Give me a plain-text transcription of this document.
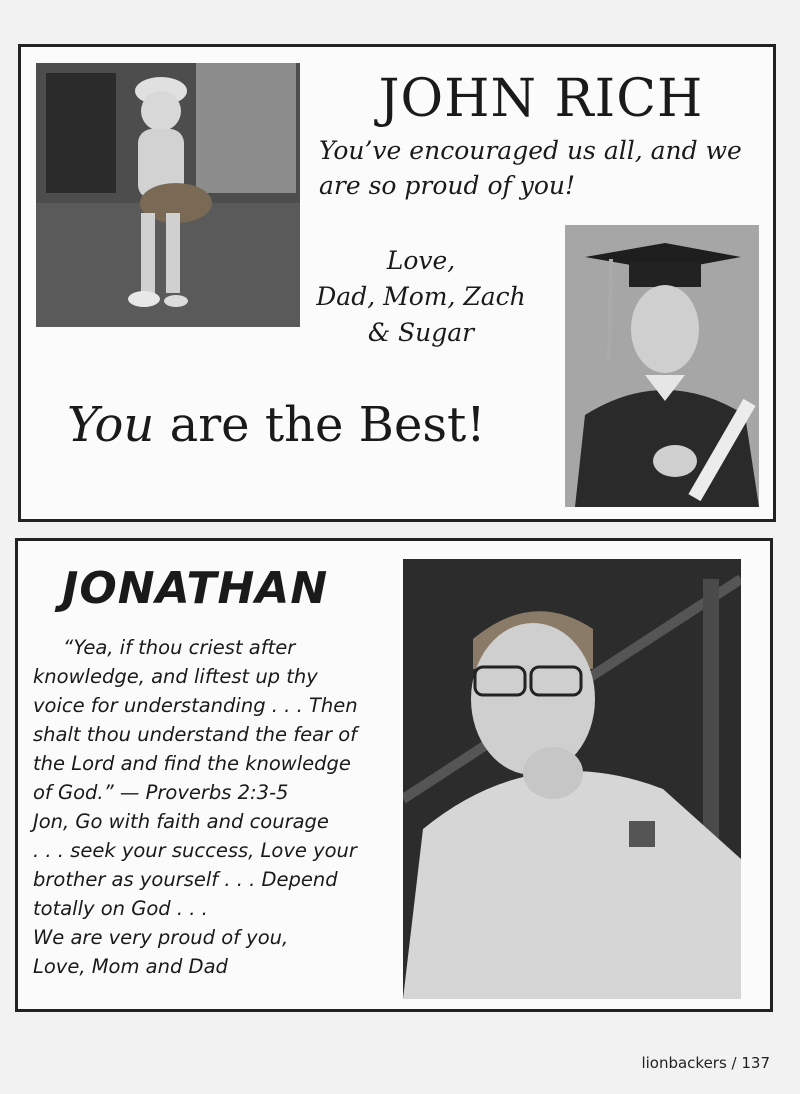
JOHN RICH

You’ve encouraged us all, and we
are so proud of you!

Love,
Dad, Mom, Zach
& Sugar

You are the Best!

JONATHAN
“Yea, if thou criest after
knowledge, and liftest up thy
voice for understanding . . . Then
shalt thou understand the fear of
the Lord and find the knowledge
of God.” — Proverbs 2:3-5
Jon, Go with faith and courage
. . . seek your success, Love your
brother as yourself . . . Depend
totally on God . . .
We are very proud of you,
Love, Mom and Dad
lionbackers / 137
